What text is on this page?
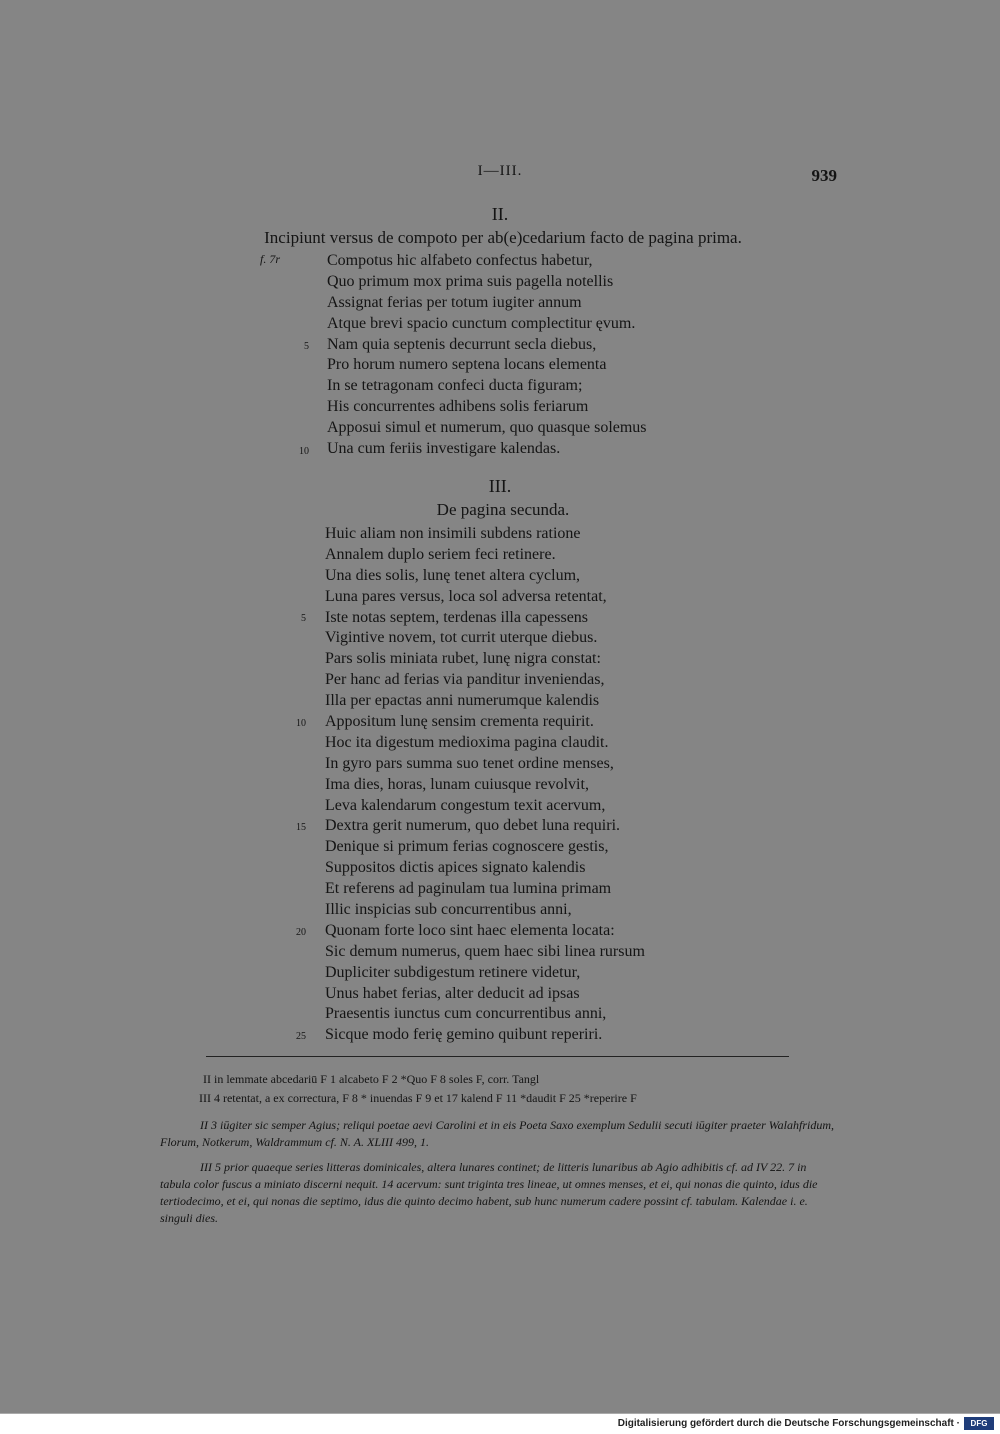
I—III.	939
II.
Incipiunt versus de compoto per ab(e)cedarium facto de pagina prima.
f. 7r	Compotus hic alfabeto confectus habetur,
Quo primum mox prima suis pagella notellis
Assignat ferias per totum iugiter annum
Atque brevi spacio cunctum complectitur ęvum.
Nam quia septenis decurrunt secla diebus,
Pro horum numero septena locans elementa
In se tetragonam confeci ducta figuram;
His concurrentes adhibens solis feriarum
Apposui simul et numerum, quo quasque solemus
Una cum feriis investigare kalendas.
5
10
III.
De pagina secunda.
Huic aliam non insimili subdens ratione
Annalem duplo seriem feci retinere.
Una dies solis, lunę tenet altera cyclum,
Luna pares versus, loca sol adversa retentat,
Iste notas septem, terdenas illa capessens
Vigintive novem, tot currit uterque diebus.
Pars solis miniata rubet, lunę nigra constat:
Per hanc ad ferias via panditur inveniendas,
Illa per epactas anni numerumque kalendis
Appositum lunę sensim crementa requirit.
Hoc ita digestum medioxima pagina claudit.
In gyro pars summa suo tenet ordine menses,
Ima dies, horas, lunam cuiusque revolvit,
Leva kalendarum congestum texit acervum,
Dextra gerit numerum, quo debet luna requiri.
Denique si primum ferias cognoscere gestis,
Suppositos dictis apices signato kalendis
Et referens ad paginulam tua lumina primam
Illic inspicias sub concurrentibus anni,
Quonam forte loco sint haec elementa locata:
Sic demum numerus, quem haec sibi linea rursum
Dupliciter subdigestum retinere videtur,
Unus habet ferias, alter deducit ad ipsas
Praesentis iunctus cum concurrentibus anni,
Sicque modo ferię gemino quibunt reperiri.
5
10
15
20
25
II in lemmate abcedariū F 1 alcabeto F 2 *Quo F 8 soles F, corr. Tangl
III 4 retentat, a ex correctura, F 8 * inuendas F 9 et 17 kalend F 11 *daudit F 25 *reperire F
II 3 iūgiter sic semper Agius; reliqui poetae aevi Carolini et in eis Poeta Saxo exemplum Sedulii secuti iūgiter praeter Walahfridum, Florum, Notkerum, Waldrammum cf. N. A. XLIII 499, 1.
III 5 prior quaeque series litteras dominicales, altera lunares continet; de litteris lunaribus ab Agio adhibitis cf. ad IV 22. 7 in tabula color fuscus a miniato discerni nequit. 14 acervum: sunt triginta tres lineae, ut omnes menses, et ei, qui nonas die quinto, idus die tertiodecimo, et ei, qui nonas die septimo, idus die quinto decimo habent, sub hunc numerum cadere possint cf. tabulam. Kalendae i. e. singuli dies.
Digitalisierung gefördert durch die Deutsche Forschungsgemeinschaft ·	DFG
